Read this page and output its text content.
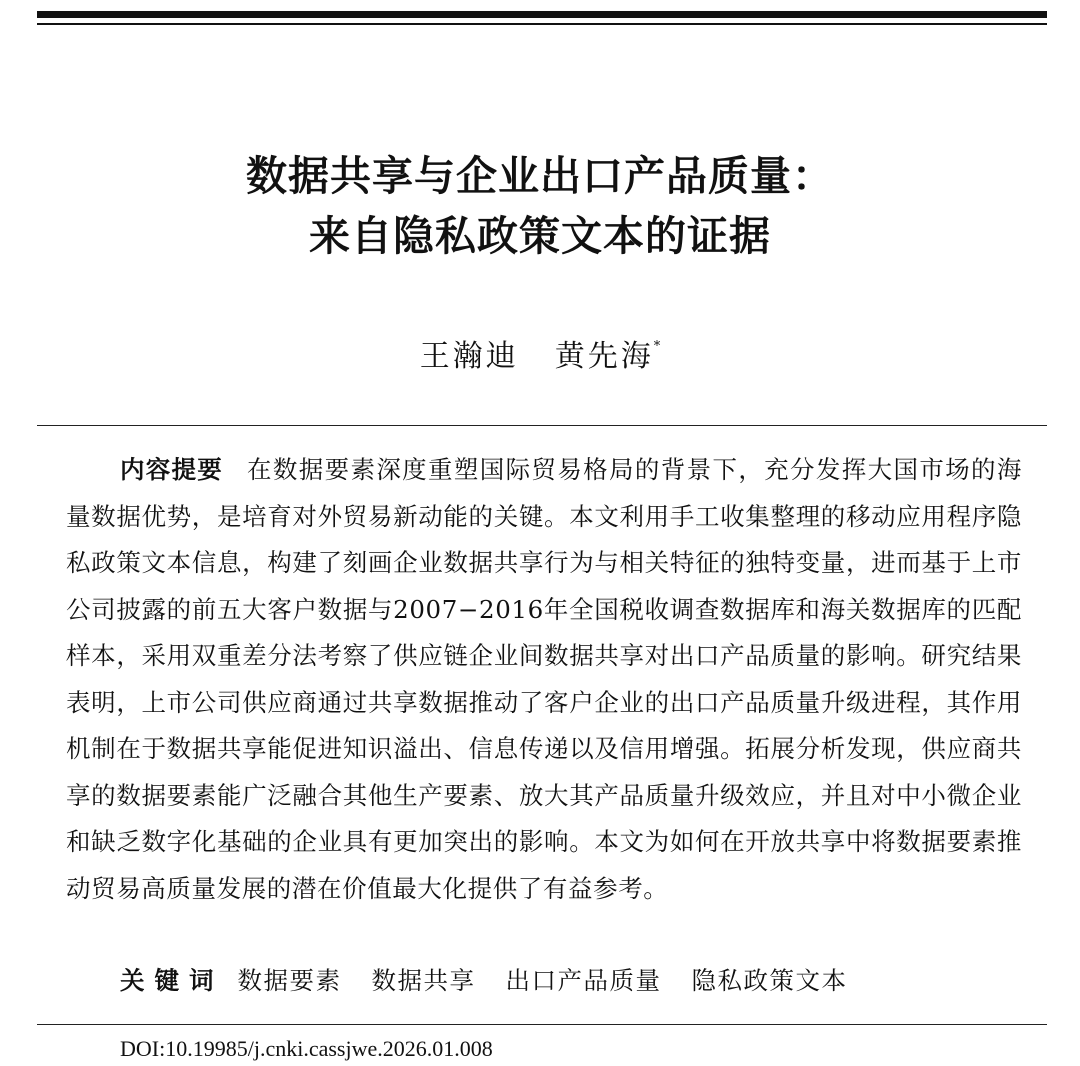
数据共享与企业出口产品质量：
来自隐私政策文本的证据
王瀚迪 黄先海*

内容提要 在数据要素深度重塑国际贸易格局的背景下，充分发挥大国市场的海量数据优势，是培育对外贸易新动能的关键。本文利用手工收集整理的移动应用程序隐私政策文本信息，构建了刻画企业数据共享行为与相关特征的独特变量，进而基于上市公司披露的前五大客户数据与2007−2016年全国税收调查数据库和海关数据库的匹配样本，采用双重差分法考察了供应链企业间数据共享对出口产品质量的影响。研究结果表明，上市公司供应商通过共享数据推动了客户企业的出口产品质量升级进程，其作用机制在于数据共享能促进知识溢出、信息传递以及信用增强。拓展分析发现，供应商共享的数据要素能广泛融合其他生产要素、放大其产品质量升级效应，并且对中小微企业和缺乏数字化基础的企业具有更加突出的影响。本文为如何在开放共享中将数据要素推动贸易高质量发展的潜在价值最大化提供了有益参考。

关键词 数据要素 数据共享 出口产品质量 隐私政策文本
DOI:10.19985/j.cnki.cassjwe.2026.01.008
